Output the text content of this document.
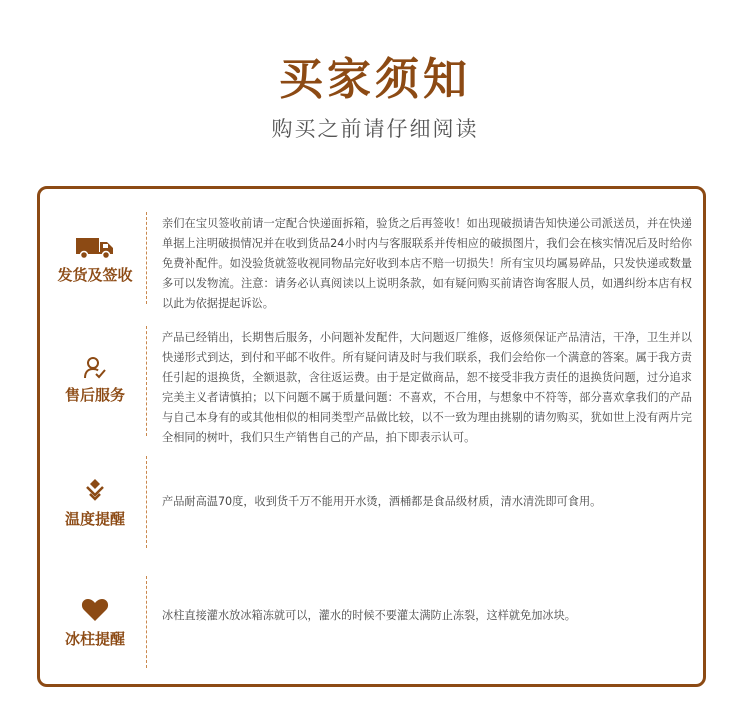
买家须知
购买之前请仔细阅读
发货及签收
亲们在宝贝签收前请一定配合快递面拆箱，验货之后再签收！如出现破损请告知快递公司派送员，并在快递单据上注明破损情况并在收到货品24小时内与客服联系并传相应的破损图片，我们会在核实情况后及时给你免费补配件。如没验货就签收视同物品完好收到本店不赔一切损失！所有宝贝均属易碎品，只发快递或数量多可以发物流。注意：请务必认真阅读以上说明条款，如有疑问购买前请咨询客服人员，如遇纠纷本店有权以此为依据提起诉讼。
售后服务
产品已经销出，长期售后服务，小问题补发配件，大问题返厂维修，返修须保证产品清洁，干净，卫生并以快递形式到达，到付和平邮不收件。所有疑问请及时与我们联系，我们会给你一个满意的答案。属于我方责任引起的退换货，全额退款，含往返运费。由于是定做商品，恕不接受非我方责任的退换货问题，过分追求完美主义者请慎拍；以下问题不属于质量问题：不喜欢，不合用，与想象中不符等，部分喜欢拿我们的产品与自己本身有的或其他相似的相同类型产品做比较，以不一致为理由挑剔的请勿购买，犹如世上没有两片完全相同的树叶，我们只生产销售自己的产品，拍下即表示认可。
温度提醒
产品耐高温70度，收到货千万不能用开水烫，酒桶都是食品级材质，清水清洗即可食用。
冰柱提醒
冰柱直接灌水放冰箱冻就可以，灌水的时候不要灌太满防止冻裂，这样就免加冰块。
